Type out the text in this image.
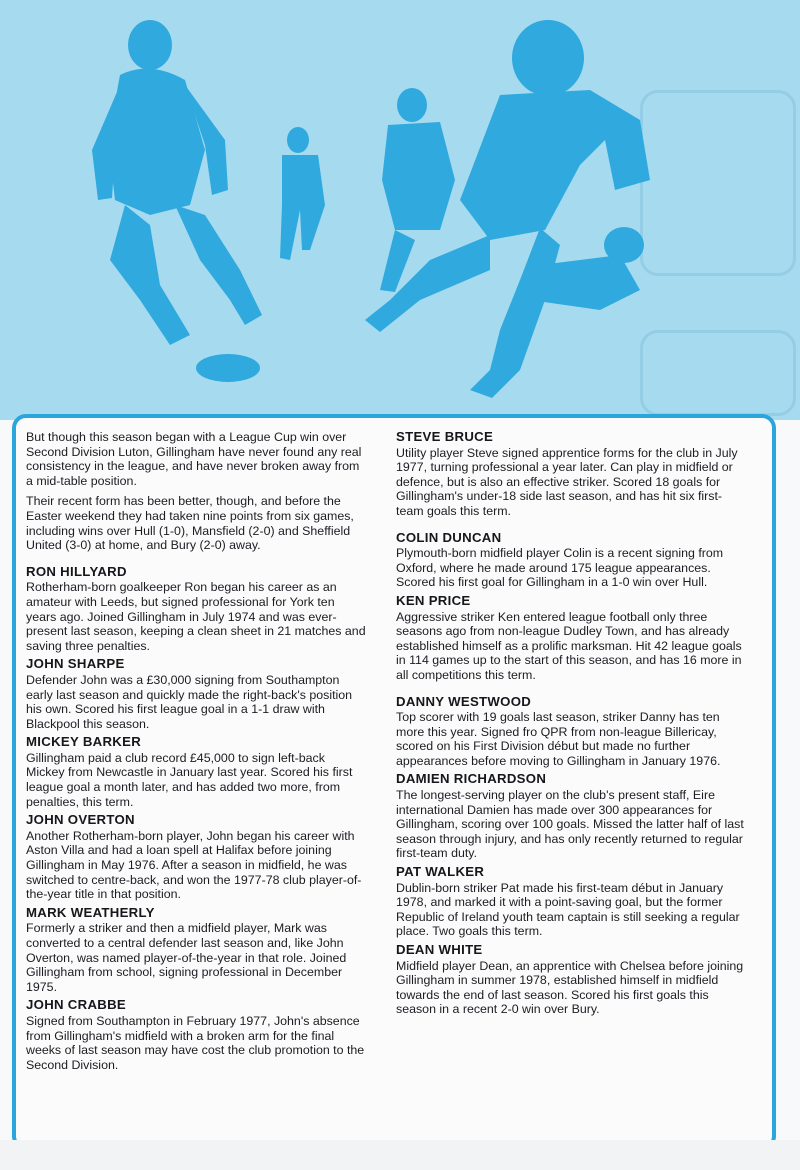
But though this season began with a League Cup win over Second Division Luton, Gillingham have never found any real consistency in the league, and have never broken away from a mid-table position.

Their recent form has been better, though, and before the Easter weekend they had taken nine points from six games, including wins over Hull (1-0), Mansfield (2-0) and Sheffield United (3-0) at home, and Bury (2-0) away.

RON HILLYARD

Rotherham-born goalkeeper Ron began his career as an amateur with Leeds, but signed professional for York ten years ago. Joined Gillingham in July 1974 and was ever-present last season, keeping a clean sheet in 21 matches and saving three penalties.

JOHN SHARPE

Defender John was a £30,000 signing from Southampton early last season and quickly made the right-back's position his own. Scored his first league goal in a 1-1 draw with Blackpool this season.

MICKEY BARKER

Gillingham paid a club record £45,000 to sign left-back Mickey from Newcastle in January last year. Scored his first league goal a month later, and has added two more, from penalties, this term.

JOHN OVERTON

Another Rotherham-born player, John began his career with Aston Villa and had a loan spell at Halifax before joining Gillingham in May 1976. After a season in midfield, he was switched to centre-back, and won the 1977-78 club player-of-the-year title in that position.

MARK WEATHERLY

Formerly a striker and then a midfield player, Mark was converted to a central defender last season and, like John Overton, was named player-of-the-year in that role. Joined Gillingham from school, signing professional in December 1975.

JOHN CRABBE

Signed from Southampton in February 1977, John's absence from Gillingham's midfield with a broken arm for the final weeks of last season may have cost the club promotion to the Second Division.

STEVE BRUCE

Utility player Steve signed apprentice forms for the club in July 1977, turning professional a year later. Can play in midfield or defence, but is also an effective striker. Scored 18 goals for Gillingham's under-18 side last season, and has hit six first-team goals this term.

COLIN DUNCAN

Plymouth-born midfield player Colin is a recent signing from Oxford, where he made around 175 league appearances. Scored his first goal for Gillingham in a 1-0 win over Hull.

KEN PRICE

Aggressive striker Ken entered league football only three seasons ago from non-league Dudley Town, and has already established himself as a prolific marksman. Hit 42 league goals in 114 games up to the start of this season, and has 16 more in all competitions this term.

DANNY WESTWOOD

Top scorer with 19 goals last season, striker Danny has ten more this year. Signed fro QPR from non-league Billericay, scored on his First Division début but made no further appearances before moving to Gillingham in January 1976.

DAMIEN RICHARDSON

The longest-serving player on the club's present staff, Eire international Damien has made over 300 appearances for Gillingham, scoring over 100 goals. Missed the latter half of last season through injury, and has only recently returned to regular first-team duty.

PAT WALKER

Dublin-born striker Pat made his first-team début in January 1978, and marked it with a point-saving goal, but the former Republic of Ireland youth team captain is still seeking a regular place. Two goals this term.

DEAN WHITE

Midfield player Dean, an apprentice with Chelsea before joining Gillingham in summer 1978, established himself in midfield towards the end of last season. Scored his first goals this season in a recent 2-0 win over Bury.
